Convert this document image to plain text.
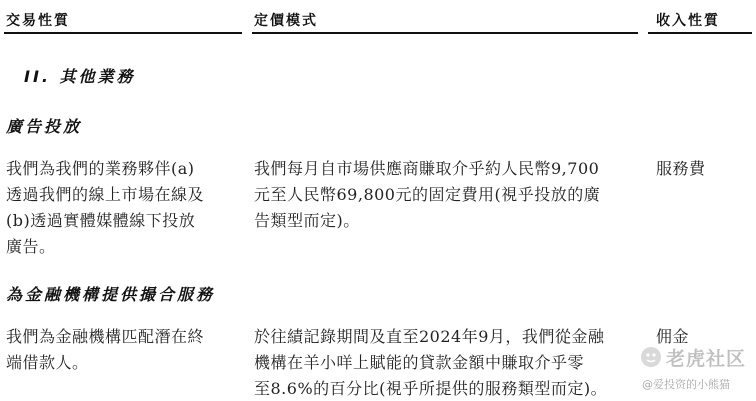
交易性質	定價模式	收入性質
II. 其他業務
廣告投放
我們為我們的業務夥伴(a)
透過我們的線上市場在線及
(b)透過實體媒體線下投放
廣告。
我們每月自市場供應商賺取介乎約人民幣9,700
元至人民幣69,800元的固定費用(視乎投放的廣
告類型而定)。
服務費
為金融機構提供撮合服務
我們為金融機構匹配潛在終
端借款人。
於往績記錄期間及直至2024年9月，我們從金融
機構在羊小咩上賦能的貸款金額中賺取介乎零
至8.6%的百分比(視乎所提供的服務類型而定)。
佣金
老虎社区
@爱投资的小熊猫
